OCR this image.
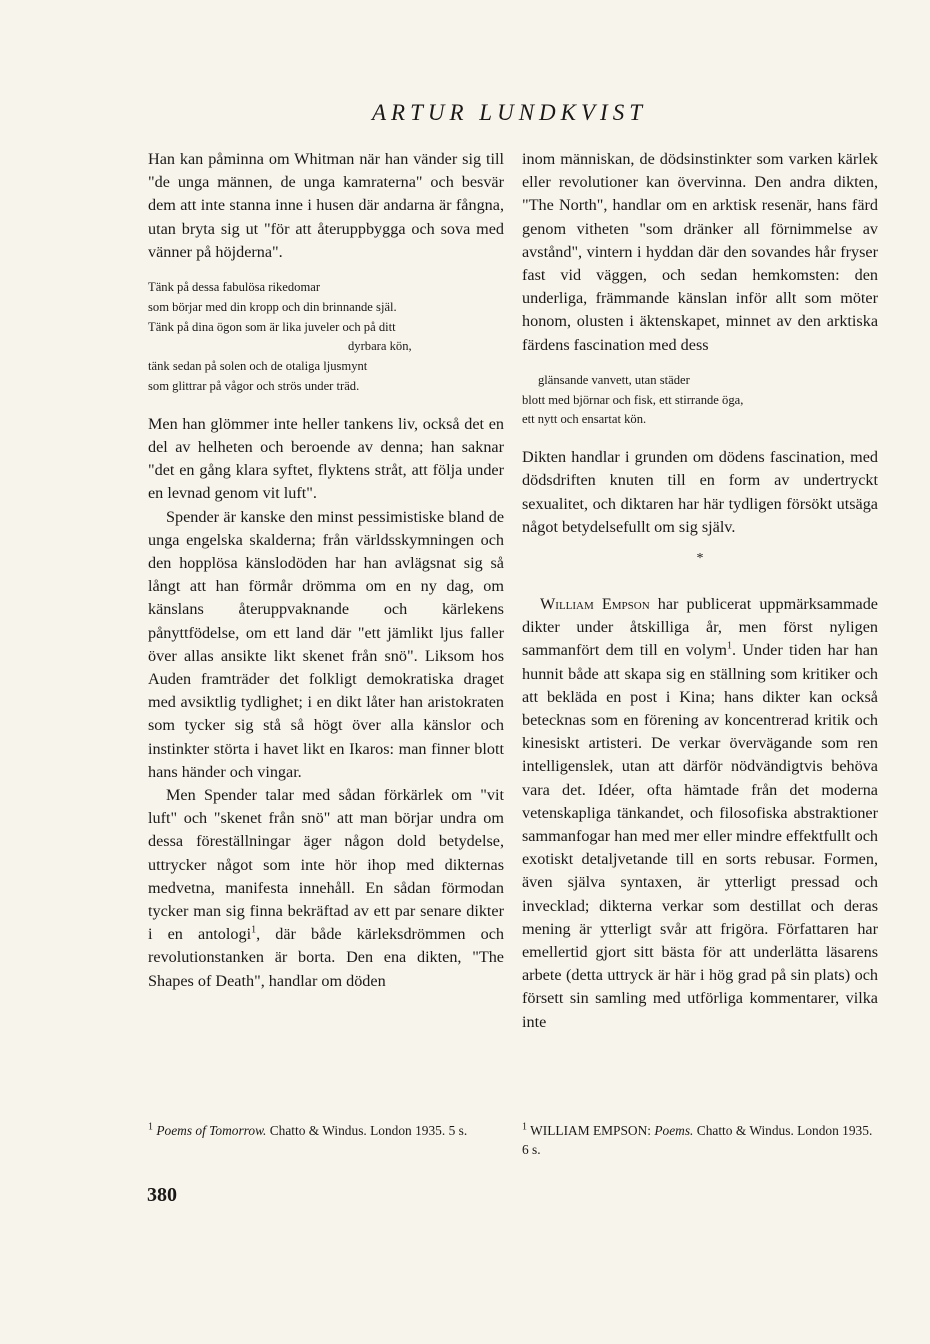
ARTUR LUNDKVIST

Han kan påminna om Whitman när han vänder sig till "de unga männen, de unga kamraterna" och besvär dem att inte stanna inne i husen där andarna är fångna, utan bryta sig ut "för att återuppbygga och sova med vänner på höjderna".

Tänk på dessa fabulösa rikedomar
som börjar med din kropp och din brinnande själ.
Tänk på dina ögon som är lika juveler och på ditt
dyrbara kön,
tänk sedan på solen och de otaliga ljusmynt
som glittrar på vågor och strös under träd.

Men han glömmer inte heller tankens liv, också det en del av helheten och beroende av denna; han saknar "det en gång klara syftet, flyktens stråt, att följa under en levnad genom vit luft".

Spender är kanske den minst pessimistiske bland de unga engelska skalderna; från världsskymningen och den hopplösa känslodöden har han avlägsnat sig så långt att han förmår drömma om en ny dag, om känslans återuppvaknande och kärlekens pånyttfödelse, om ett land där "ett jämlikt ljus faller över allas ansikte likt skenet från snö". Liksom hos Auden framträder det folkligt demokratiska draget med avsiktlig tydlighet; i en dikt låter han aristokraten som tycker sig stå så högt över alla känslor och instinkter störta i havet likt en Ikaros: man finner blott hans händer och vingar.

Men Spender talar med sådan förkärlek om "vit luft" och "skenet från snö" att man börjar undra om dessa föreställningar äger någon dold betydelse, uttrycker något som inte hör ihop med dikternas medvetna, manifesta innehåll. En sådan förmodan tycker man sig finna bekräftad av ett par senare dikter i en antologi$^1$, där både kärleksdrömmen och revolutionstanken är borta. Den ena dikten, "The Shapes of Death", handlar om döden

inom människan, de dödsinstinkter som varken kärlek eller revolutioner kan övervinna. Den andra dikten, "The North", handlar om en arktisk resenär, hans färd genom vitheten "som dränker all förnimmelse av avstånd", vintern i hyddan där den sovandes hår fryser fast vid väggen, och sedan hemkomsten: den underliga, främmande känslan inför allt som möter honom, olusten i äktenskapet, minnet av den arktiska färdens fascination med dess

glänsande vanvett, utan städer
blott med björnar och fisk, ett stirrande öga,
ett nytt och ensartat kön.

Dikten handlar i grunden om dödens fascination, med dödsdriften knuten till en form av undertryckt sexualitet, och diktaren har här tydligen försökt utsäga något betydelsefullt om sig själv.

*

William Empson har publicerat uppmärksammade dikter under åtskilliga år, men först nyligen sammanfört dem till en volym$^1$. Under tiden har han hunnit både att skapa sig en ställning som kritiker och att bekläda en post i Kina; hans dikter kan också betecknas som en förening av koncentrerad kritik och kinesiskt artisteri. De verkar övervägande som ren intelligenslek, utan att därför nödvändigtvis behöva vara det. Idéer, ofta hämtade från det moderna vetenskapliga tänkandet, och filosofiska abstraktioner sammanfogar han med mer eller mindre effektfullt och exotiskt detaljvetande till en sorts rebusar. Formen, även själva syntaxen, är ytterligt pressad och invecklad; dikterna verkar som destillat och deras mening är ytterligt svår att frigöra. Författaren har emellertid gjort sitt bästa för att underlätta läsarens arbete (detta uttryck är här i hög grad på sin plats) och försett sin samling med utförliga kommentarer, vilka inte

$^1$ Poems of Tomorrow. Chatto & Windus. London 1935. 5 s.	$^1$ WILLIAM EMPSON: Poems. Chatto & Windus. London 1935. 6 s.
380
